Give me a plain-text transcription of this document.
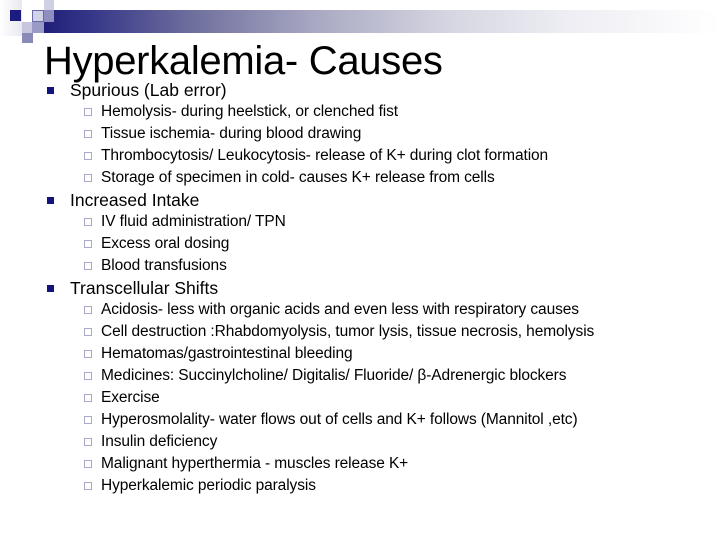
Hyperkalemia- Causes
Spurious (Lab error)
Hemolysis- during heelstick, or clenched fist
Tissue ischemia- during blood drawing
Thrombocytosis/ Leukocytosis- release of K+ during clot formation
Storage of specimen in cold- causes K+ release from cells
Increased Intake
IV fluid administration/ TPN
Excess oral dosing
Blood transfusions
Transcellular Shifts
Acidosis- less with organic acids and even less with respiratory causes
Cell destruction :Rhabdomyolysis, tumor lysis, tissue necrosis, hemolysis
Hematomas/gastrointestinal bleeding
Medicines: Succinylcholine/ Digitalis/ Fluoride/ β-Adrenergic blockers
Exercise
Hyperosmolality- water flows out of cells and K+ follows (Mannitol ,etc)
Insulin deficiency
Malignant hyperthermia - muscles release K+
Hyperkalemic periodic paralysis
